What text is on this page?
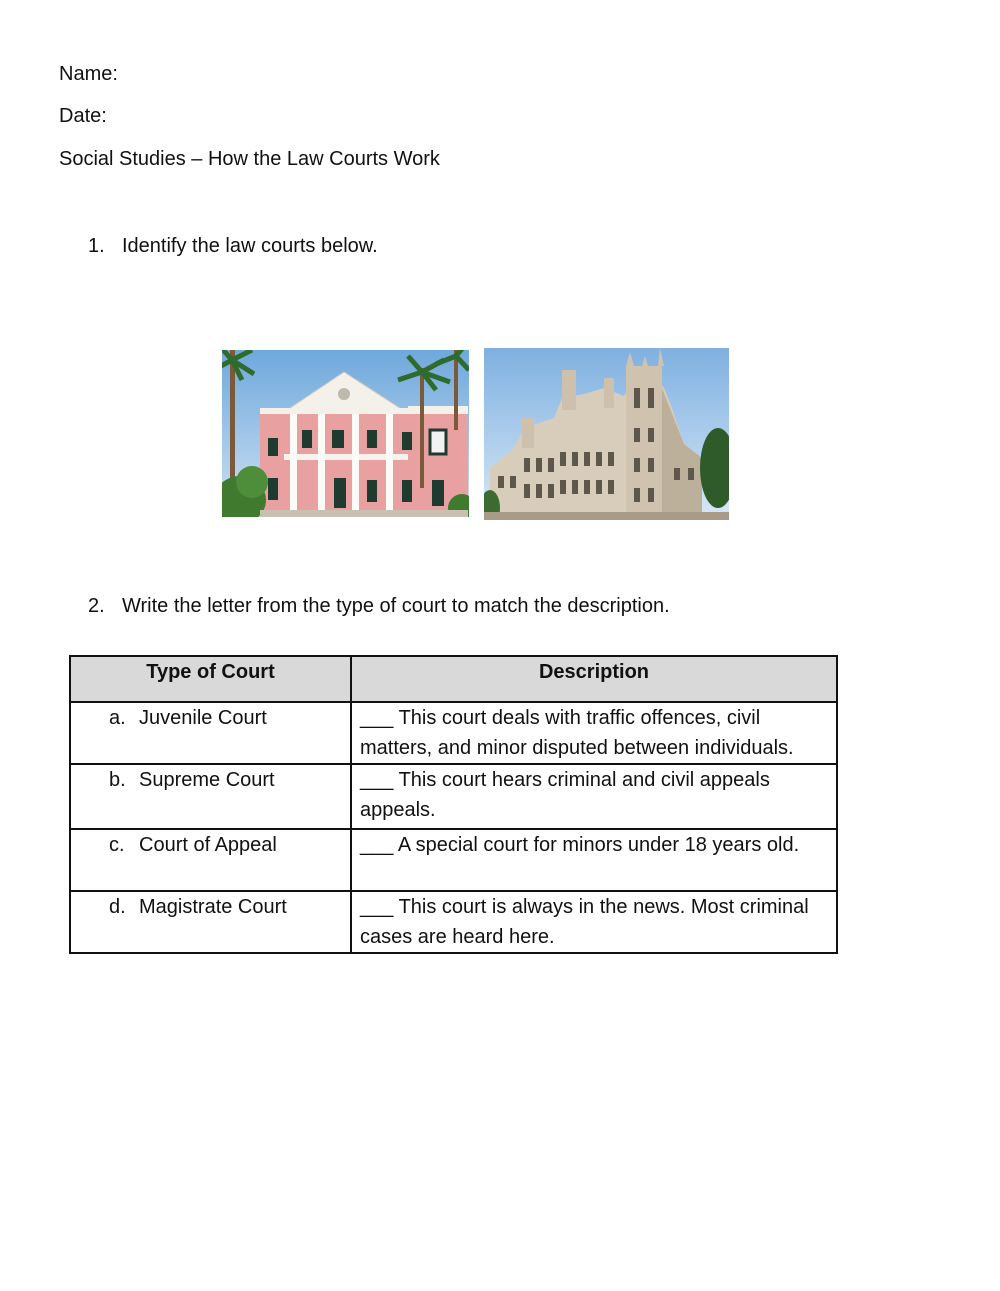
Name:
Date:
Social Studies – How the Law Courts Work
1. Identify the law courts below.
2. Write the letter from the type of court to match the description.
Type of Court	Description
a. Juvenile Court	___ This court deals with traffic offences, civil matters, and minor disputed between individuals.
b. Supreme Court	___ This court hears criminal and civil appeals appeals.
c. Court of Appeal	___ A special court for minors under 18 years old.
d. Magistrate Court	___ This court is always in the news. Most criminal cases are heard here.
